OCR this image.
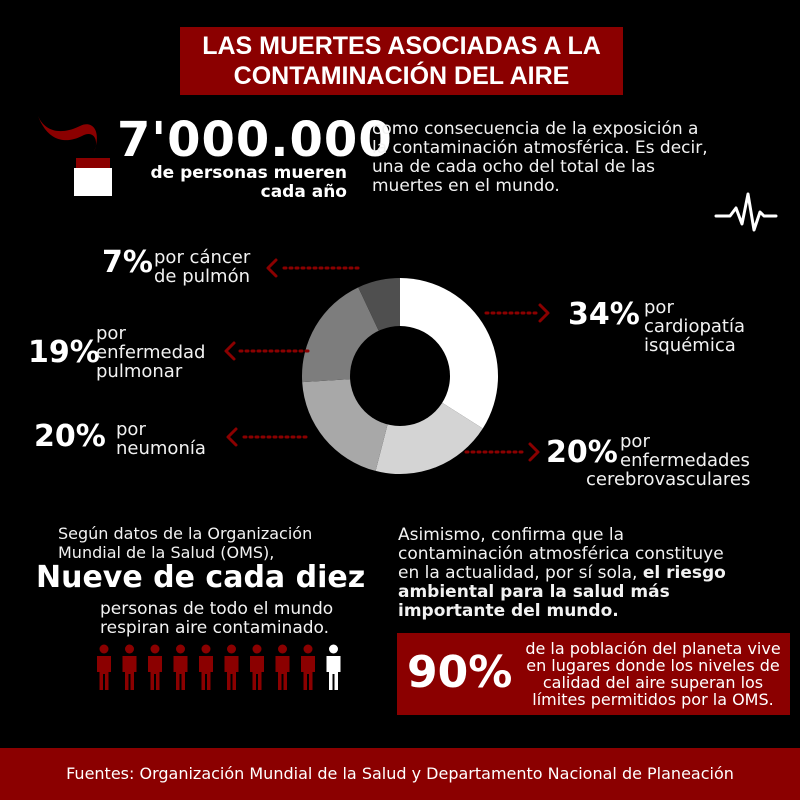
LAS MUERTES ASOCIADAS A LA
CONTAMINACIÓN DEL AIRE
7'000.000
de personas mueren
cada año
como consecuencia de la exposición a
la contaminación atmosférica. Es decir,
una de cada ocho del total de las
muertes en el mundo.
34% por
cardiopatía
isquémica
20% por
enfermedades
cerebrovasculares
20% por
neumonía
19%
por
enfermedad
pulmonar
7% por cáncer
de pulmón
Según datos de la Organización
Mundial de la Salud (OMS),
Nueve de cada diez
personas de todo el mundo
respiran aire contaminado.
Asimismo, confirma que la
contaminación atmosférica constituye
en la actualidad, por sí sola, el riesgo
ambiental para la salud más
importante del mundo.
90% de la población del planeta vive
en lugares donde los niveles de
calidad del aire superan los
límites permitidos por la OMS.
Fuentes: Organización Mundial de la Salud y Departamento Nacional de Planeación
